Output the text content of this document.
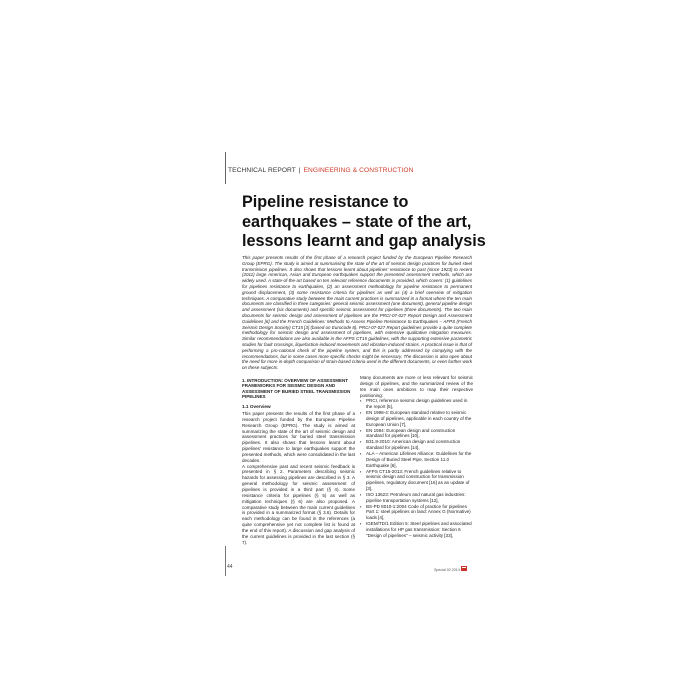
TECHNICAL REPORT | ENGINEERING & CONSTRUCTION
Pipeline resistance to earthquakes – state of the art, lessons learnt and gap analysis

This paper presents results of the first phase of a research project funded by the European Pipeline Research Group (EPRG). The study is aimed at summarising the state of the art of seismic design practices for buried steel transmission pipelines. It also shows that lessons learnt about pipelines' resistance to past (since 1923) to recent (2011) large American, Asian and European earthquakes support the presented assessment methods, which are widely used. A state-of-the-art based on ten relevant reference documents is provided, which covers: (1) guidelines for pipelines resistance to earthquakes, (2) an assessment methodology for pipeline resistance to permanent ground displacement, (3) some resistance criteria for pipelines as well as (4) a brief overview of mitigation techniques. A comparative study between the main current practices is summarized in a format where the ten main documents are classified in three categories: general seismic assessment (one document), general pipeline design and assessment (six documents) and specific seismic assessment for pipelines (three documents). The two main documents for seismic design and assessment of pipelines are the PRCI-07-027 Report Design and Assessment Guidelines [6] and the French Guidelines: Methods to Assess Pipeline Resistance to Earthquakes – AFPS (French Seismic Design Society) CT15 [3] (based on Eurocode 8). PRCI-07-027 Report guidelines provide a quite complete methodology for seismic design and assessment of pipelines, with extensive qualitative mitigation measures. Similar recommendations are also available in the AFPS CT15 guidelines, with the supporting extensive parametric studies for fault crossings, liquefaction-induced movements and vibration-induced strains. A practical issue is that of performing a pro-national check of the pipeline system, and this is partly addressed by complying with the recommendations, but in some cases more specific checks might be necessary. The discussion is also open about the need for more in-depth comparison of strain-based criteria used in the different documents, or even further work on these subjects.

1. INTRODUCTION: OVERVIEW OF ASSESSMENT FRAMEWORKS FOR SEISMIC DESIGN AND ASSESSMENT OF BURIED STEEL TRANSMISSION PIPELINES

1.1 Overview

This paper presents the results of the first phase of a research project funded by the European Pipeline Research Group (EPRG). The study is aimed at summarizing the state of the art of seismic design and assessment practices for buried steel transmission pipelines. It also shows that lessons learnt about pipelines' resistance to large earthquakes support the presented methods, which were consolidated in the last decades.

A comprehensive past and recent seismic feedback is presented in § 2. Parameters describing seismic hazards for assessing pipelines are described in § 3. A general methodology for seismic assessment of pipelines is provided in a third part (§ 4). Some resistance criteria for pipelines (§ 5) as well as mitigation techniques (§ 6) are also proposed. A comparative study between the main current guidelines is provided in a summarized format (§ 3.6). Details for each methodology can be found in the references (a quite comprehensive yet not complete list is found at the end of this report). A discussion and gap analysis of the current guidelines is provided in the last section (§ 7).

Many documents are more or less relevant for seismic design of pipelines, and the summarized review of the ten main ones ambitions to map their respective positioning:

▪ PRCI, reference seismic design guidelines used in the report [5],
▪ EN 1998-4: European standard relative to seismic design of pipelines, applicable in each country of the European Union [7],
▪ EN 1594: European design and construction standard for pipelines [10],
▪ B31.8-2010: American design and construction standard for pipelines [14],
▪ ALA – American Lifelines Alliance: Guidelines for the Design of Buried Steel Pipe, Section 11.0 Earthquake [6],
▪ AFPS CT15-2013: French guidelines relative to seismic design and construction for transmission pipelines, regulatory document [16] as an update of [3],
▪ ISO 13623: Petroleum and natural gas industries: pipeline transportation systems [12],
▪ BS-PD 8010-1:2004 Code of practice for pipelines Part 1: steel pipelines on land: Annex G (Normative) loads [4],
▪ IGEM/TD/1 Edition 5: Steel pipelines and associated installations for HP gas transmission: Section 6 "Design of pipelines" – seismic activity [33],
44	Special 02 2014
